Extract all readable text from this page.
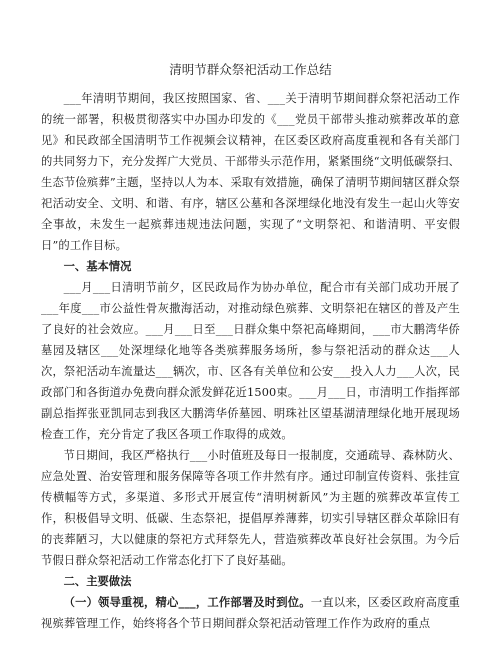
清明节群众祭祀活动工作总结

___年清明节期间，我区按照国家、省、___关于清明节期间群众祭祀活动工作的统一部署，积极贯彻落实中办国办印发的《___党员干部带头推动殡葬改革的意见》和民政部全国清明节工作视频会议精神，在区委区政府高度重视和各有关部门的共同努力下，充分发挥广大党员、干部带头示范作用，紧紧围绕“文明低碳祭扫、生态节俭殡葬”主题，坚持以人为本、采取有效措施，确保了清明节期间辖区群众祭祀活动安全、文明、和谐、有序，辖区公墓和各深埋绿化地没有发生一起山火等安全事故，未发生一起殡葬违规违法问题，实现了“文明祭祀、和谐清明、平安假日”的工作目标。

一、基本情况

___月___日清明节前夕，区民政局作为协办单位，配合市有关部门成功开展了___年度___市公益性骨灰撒海活动，对推动绿色殡葬、文明祭祀在辖区的普及产生了良好的社会效应。___月___日至___日群众集中祭祀高峰期间，___市大鹏湾华侨墓园及辖区___处深埋绿化地等各类殡葬服务场所，参与祭祀活动的群众达___人次，祭祀活动车流量达___辆次，市、区各有关单位和公安___投入人力___人次，民政部门和各街道办免费向群众派发鲜花近1500束。___月___日，市清明工作指挥部副总指挥张亚凯同志到我区大鹏湾华侨墓园、明珠社区望基湖清理绿化地开展现场检查工作，充分肯定了我区各项工作取得的成效。

节日期间，我区严格执行___小时值班及每日一报制度，交通疏导、森林防火、应急处置、治安管理和服务保障等各项工作井然有序。通过印制宣传资料、张挂宣传横幅等方式，多渠道、多形式开展宣传“清明树新风”为主题的殡葬改革宣传工作，积极倡导文明、低碳、生态祭祀，提倡厚养薄葬，切实引导辖区群众革除旧有的丧葬陋习，大以健康的祭祀方式拜祭先人，营造殡葬改革良好社会氛围。为今后节假日群众祭祀活动工作常态化打下了良好基础。

二、主要做法

（一）领导重视，精心___，工作部署及时到位。一直以来，区委区政府高度重视殡葬管理工作，始终将各个节日期间群众祭祀活动管理工作作为政府的重点
